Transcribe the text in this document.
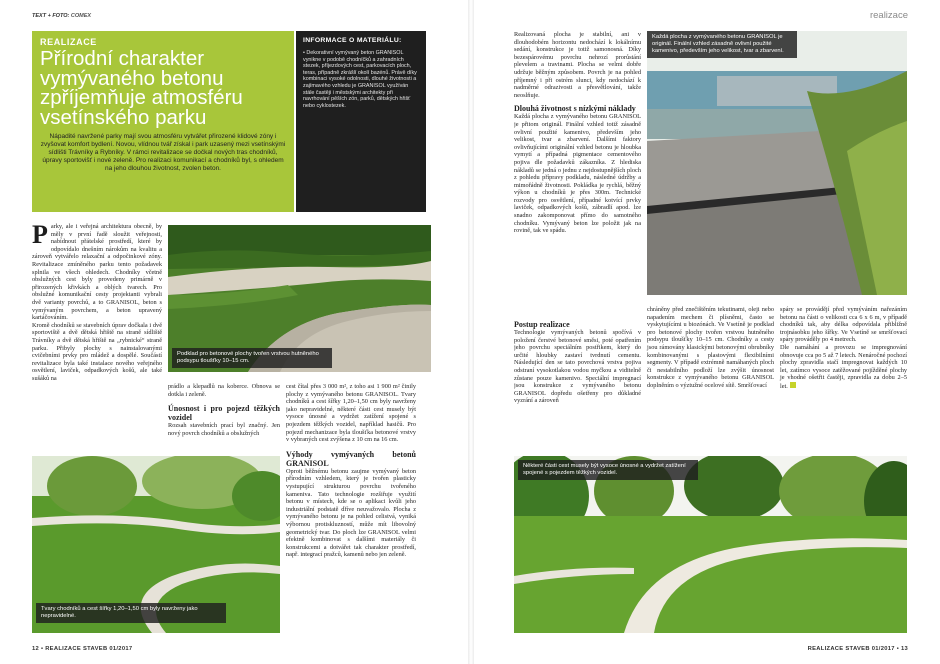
TEXT + FOTO: COMEX	realizace
REALIZACE
Přírodní charakter vymývaného betonu zpříjemňuje atmosféru vsetínského parku

Nápadité navržené parky mají svou atmosféru vytvářet přirozené klidové zóny i zvyšovat komfort bydlení. Novou, vlídnou tvář získal i park uzasený mezi vsetínskými sídlišti Trávníky a Rybníky. V rámci revitalizace se dočkal nových tras chodníků, úpravy sportovišť i nové zeleně. Pro realizaci komunikací a chodníků byl, s ohledem na jeho dlouhou životnost, zvolen beton.

INFORMACE O MATERIÁLU:

• Dekorativní vymývaný beton GRANISOL vynikne v podobě chodníčků a zahradních stezek, příjezdových cest, parkovacích ploch, teras, případně zkrášlí okolí bazénů. Právě díky kombinaci vysoké odolnosti, dlouhé životnosti a zajímavého vzhledu je GRANISOL využíván stále častěji i městskými architekty při navrhování pěších zón, parků, dětských hřišť nebo cyklostezek.

Parky, ale i veřejná architektura obecně, by měly v první řadě sloužit veřejnosti, nabídnout přátelské prostředí, které by odpovídalo dnešním nárokům na kvalitu a zároveň vytvářelo relaxační a odpočinkové zóny. Revitalizace zmíněného parku tento požadavek splnila ve všech ohledech. Chodníky včetně obslužných cest byly provedeny primárně v přirozených křivkách a oblých tvarech. Pro obslužné komunikační cesty projektanti vybrali dvě varianty povrchů, a to GRANISOL, beton s vymývaným povrchem, a beton upravený kartáčováním.
Kromě chodníků se stavebních úprav dočkala i dvě sportoviště a dvě dětská hřiště na straně sídliště Trávníky a dvě dětská hřiště na „rybnické“ straně parku. Přibyly plochy s nainstalovanými cvičebními prvky pro mládež a dospělé. Součástí revitalizace byla také instalace nového veřejného osvětlení, laviček, odpadkových košů, ale také sušáků na
Podklad pro betonové plochy tvořen vrstvou hutněného podsypu tloušťky 10–15 cm.
prádlo a klepadlů na koberce. Obnova se dotkla i zeleně.
Únosnost i pro pojezd těžkých vozidel
Rozsah stavebních prací byl značný. Jen nový povrch chodníků a obslužných
cest čítal přes 3 000 m², z toho asi 1 900 m² činily plochy z vymývaného betonu GRANISOL. Tvary chodníků a cest šířky 1,20–1,50 cm byly navrženy jako nepravidelné, některé části cest musely být vysoce únosné a vydržet zatížení spojené s pojezdem těžkých vozidel, například hasičů. Pro pojezd mechanizace byla tloušťka betonové vrstvy v vybraných cest zvýšena z 10 cm na 16 cm.
Výhody vymývaných betonů GRANISOL
Oproti běžnému betonu zaujme vymývaný beton přírodním vzhledem, který je tvořen plasticky vystupující strukturou povrchu tvořeného kameniva. Tato technologie rozšiřuje využití betonu v místech, kde se o aplikaci kvůli jeho industriální podstatě dříve neuvažovalo. Plocha z vymývaného betonu je na pohled celistvá, vyniká výbornou protiskluzností, může mít libovolný geometrický tvar. Do ploch lze GRANISOL velmi efektně kombinovat s dalšími materiály či konstrukcemi a dotvářet tak charakter prostředí, např. integrací pražců, kamenů nebo jen zeleně.
Tvary chodníků a cest šířky 1,20–1,50 cm byly navrženy jako nepravidelné.
12 • REALIZACE STAVEB 01/2017
Realizovaná plocha je stabilní, ani v dlouhodobém horizontu nedochází k lokálnímu sedání, konstrukce je totiž samonosná. Díky bezespárovému povrchu nehrozí prorůstání plevelem a travinami. Plocha se velmi dobře udržuje běžným způsobem. Povrch je na pohled příjemný i při ostrém slunci, kdy nedochází k nadměrné odrazivosti a přesvětlování, takže neoslňuje.
Dlouhá životnost s nízkými náklady
Každá plocha z vymývaného betonu GRANISOL je přitom originál. Finální vzhled totiž zásadně ovlivní použité kamenivo, především jeho velikost, tvar a zbarvení. Dalšími faktory ovlivňujícími originální vzhled betonu je hloubka vymytí a případná pigmentace cementového pojiva dle požadavků zákazníka. Z hlediska nákladů se jedná o jednu z nejdostupnějších ploch z pohledu přípravy podkladu, následné údržby a mimořádně životnosti. Pokládka je rychlá, běžný výkon u chodníků je přes 300m. Technické rozvody pro osvětlení, případné kotvící prvky laviček, odpadkových košů, zábradlí apod. lze snadno zakomponovat přímo do samotného chodníku. Vymývaný beton lze položit jak na rovině, tak ve spádu.
Postup realizace
Technologie vymývaných betonů spočívá v položení čerstvé betonové směsi, poté opatřením jeho povrchu speciálním postřikem, který do určité hloubky zastaví tvrdnutí cementu. Následující den se tato povrchová vrstva pojiva odstraní vysokotlakou vodou myčkou a viditelně zůstane pouze kamenivo. Speciální impregnací jsou konstrukce z vymývaného betonu GRANISOL dopředu ošetřeny pro důkladné vyzrání a zároveň
Každá plocha z vymývaného betonu GRANISOL je originál. Finální vzhled zásadně ovlivní použité kamenivo, především jeho velikost, tvar a zbarvení.
chráněny před znečištěním tekutinami, oleji nebo napadením mechem či plísněmi, často se vyskytujícími u biozónách. Ve Vsetíně je podklad pro betonové plochy tvořen vrstvou hutněného podsypu tloušťky 10–15 cm. Chodníky a cesty jsou rámovány klasickými betonovými obrubníky kombinovanými s plastovými flexibilními segmenty. V případě extrémně namáhaných ploch či nestabilního podloží lze zvýšit únosnost konstrukce z vymývaného betonu GRANISOL doplněním o výztužné ocelové sítě. Smršťovací
spáry se provádějí před vymýváním nařezáním betonu na části o velikosti cca 6 x 6 m, v případě chodníků tak, aby délka odpovídala přibližně trojnásobku jeho šířky. Ve Vsetíně se smršťovací spáry prováděly po 4 metrech.
Dle namáhání a provozu se impregnování obnovuje cca po 5 až 7 letech. Nenáročné pochozí plochy zpravidla stačí impregnovat každých 10 let, zatímco vysoce zatěžované pojížděné plochy je vhodné ošetřit častěji, zpravidla za dobu 2–5 let.
Některé části cest musely být vysoce únosné a vydržet zatížení spojené s pojezdem těžkých vozidel.
REALIZACE STAVEB 01/2017 • 13
